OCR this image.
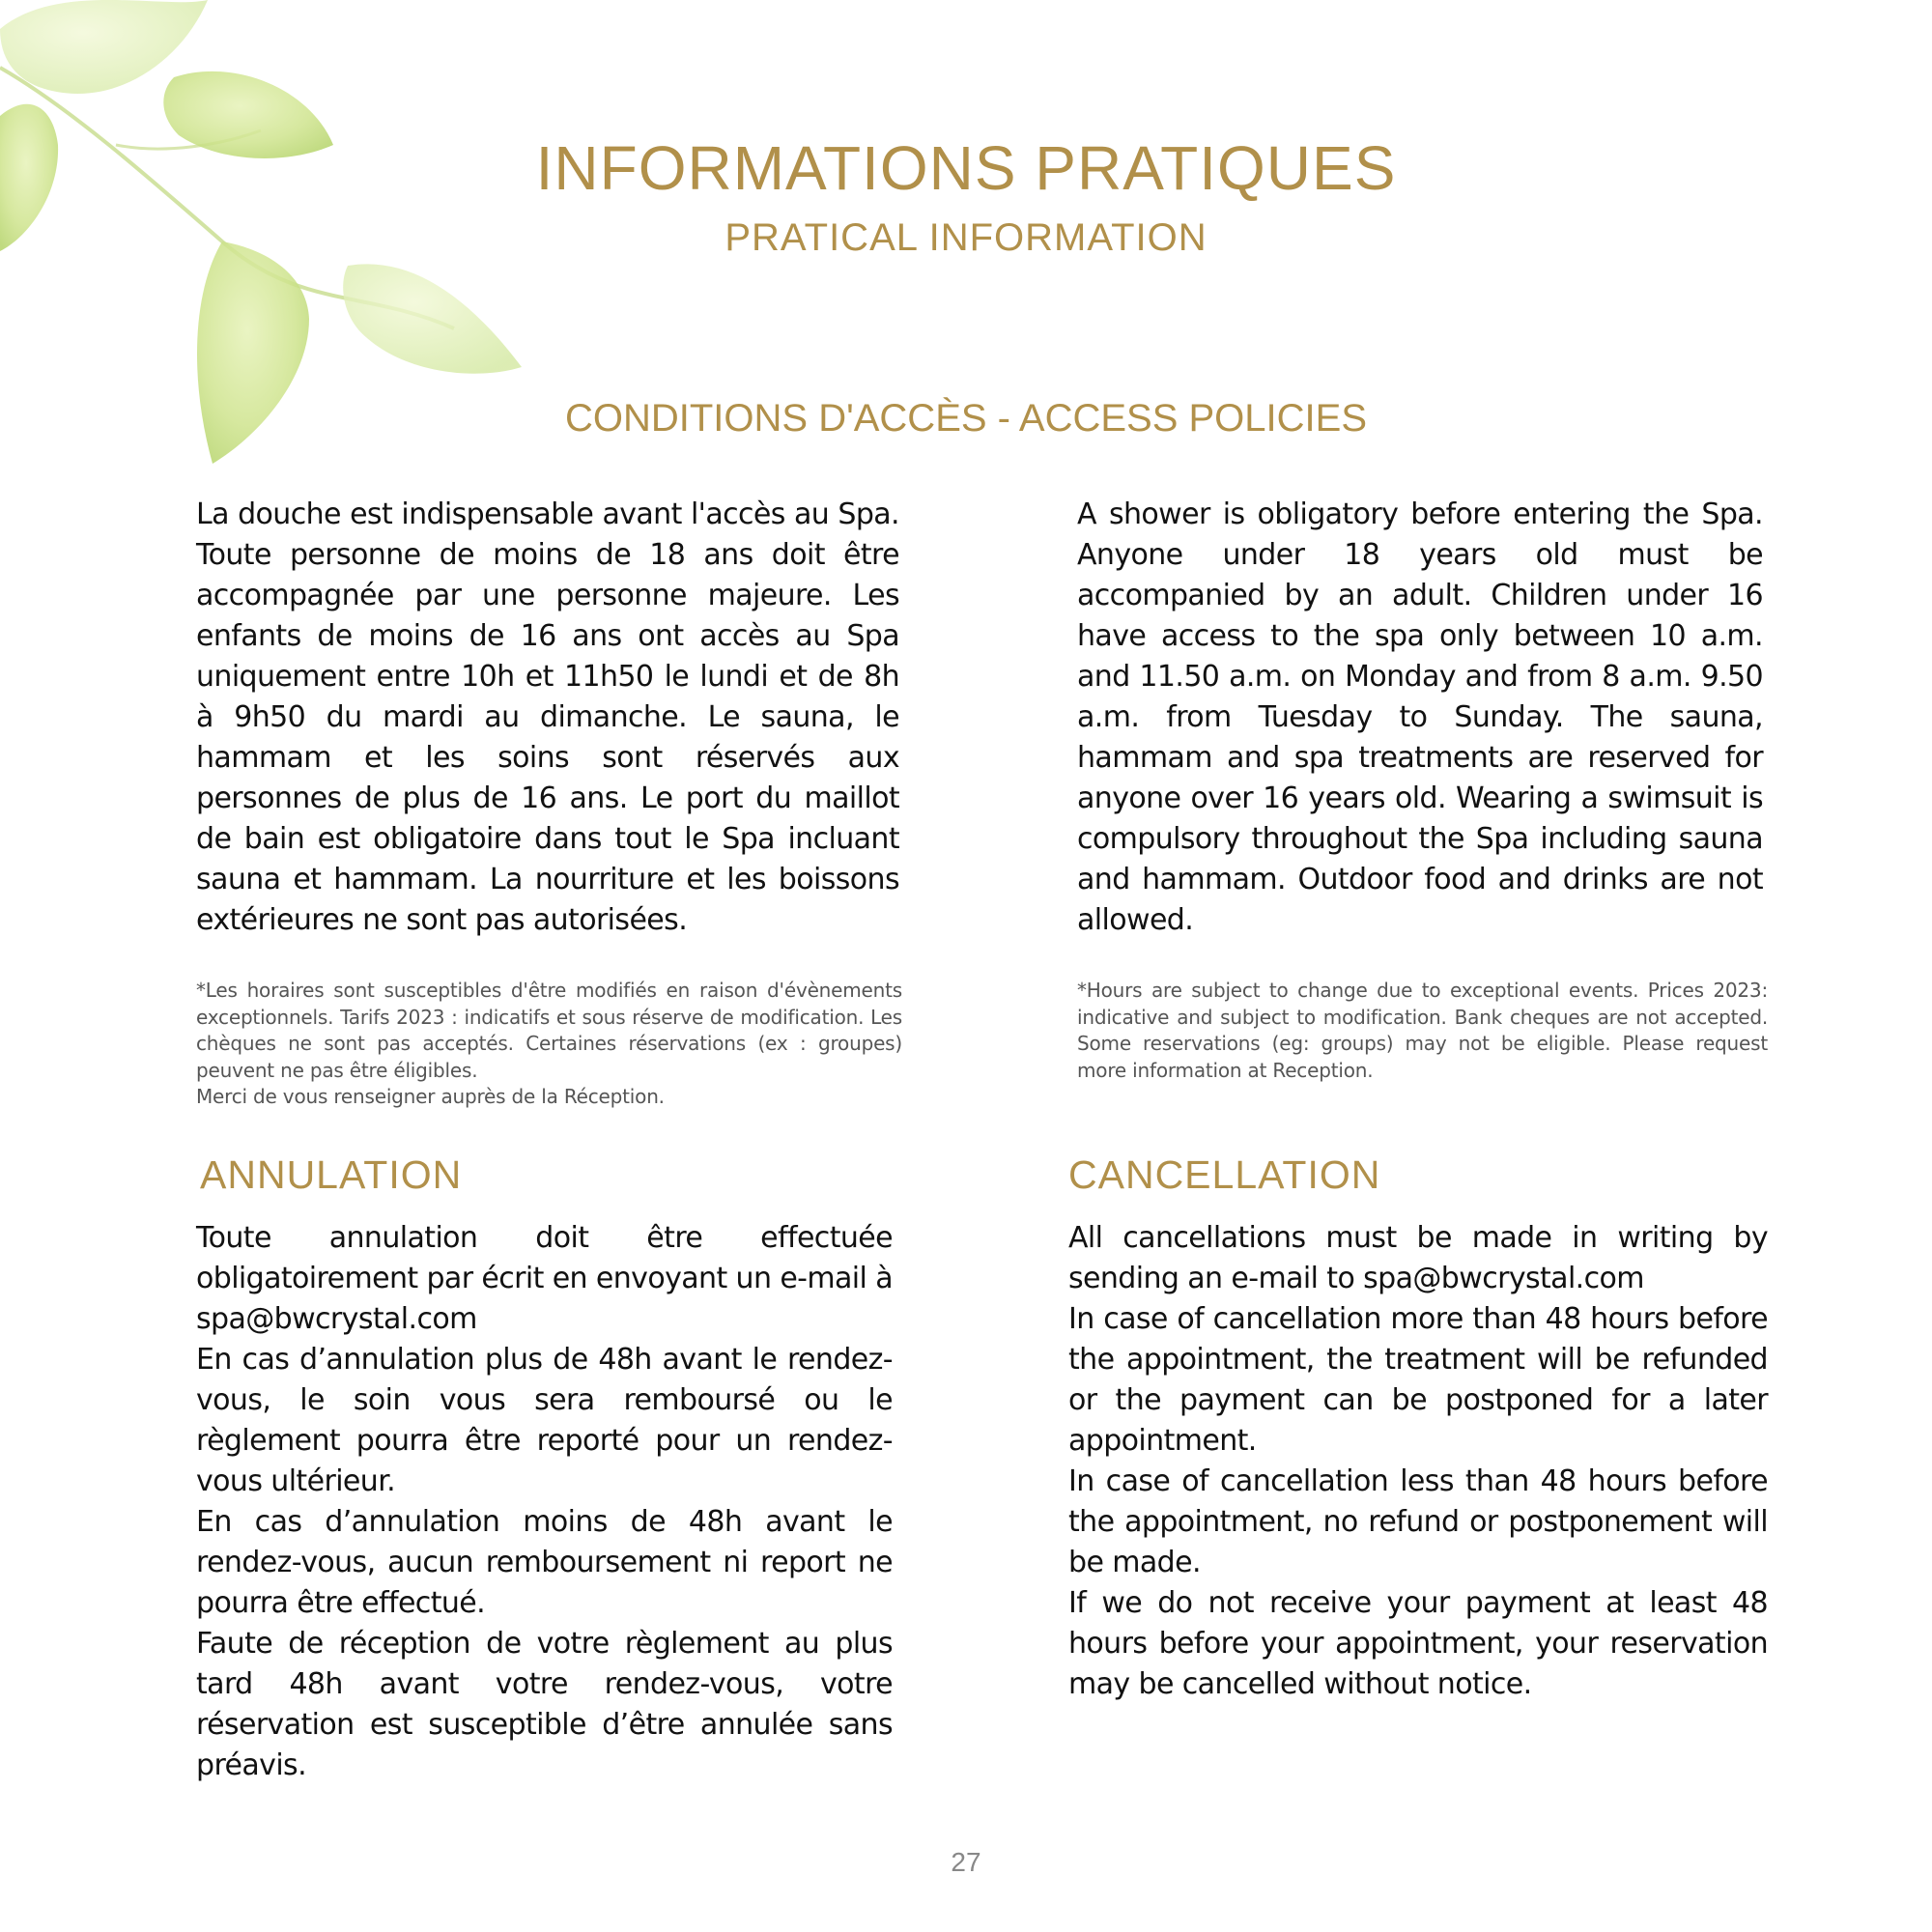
INFORMATIONS PRATIQUES
PRATICAL INFORMATION
CONDITIONS D'ACCÈS - ACCESS POLICIES

La douche est indispensable avant l'accès au Spa. Toute personne de moins de 18 ans doit être accompagnée par une personne majeure. Les enfants de moins de 16 ans ont accès au Spa uniquement entre 10h et 11h50 le lundi et de 8h à 9h50 du mardi au dimanche. Le sauna, le hammam et les soins sont réservés aux personnes de plus de 16 ans. Le port du maillot de bain est obligatoire dans tout le Spa incluant sauna et hammam. La nourriture et les boissons extérieures ne sont pas autorisées.

A shower is obligatory before entering the Spa. Anyone under 18 years old must be accompanied by an adult. Children under 16 have access to the spa only between 10 a.m. and 11.50 a.m. on Monday and from 8 a.m. 9.50 a.m. from Tuesday to Sunday. The sauna, hammam and spa treatments are reserved for anyone over 16 years old. Wearing a swimsuit is compulsory throughout the Spa including sauna and hammam. Outdoor food and drinks are not allowed.

*Les horaires sont susceptibles d'être modifiés en raison d'évènements exceptionnels. Tarifs 2023 : indicatifs et sous réserve de modification. Les chèques ne sont pas acceptés. Certaines réservations (ex : groupes) peuvent ne pas être éligibles.
Merci de vous renseigner auprès de la Réception.

*Hours are subject to change due to exceptional events. Prices 2023: indicative and subject to modification. Bank cheques are not accepted. Some reservations (eg: groups) may not be eligible. Please request more information at Reception.

ANNULATION	CANCELLATION
Toute annulation doit être effectuée obligatoirement par écrit en envoyant un e-mail à spa@bwcrystal.com
En cas d’annulation plus de 48h avant le rendez-vous, le soin vous sera remboursé ou le règlement pourra être reporté pour un rendez-vous ultérieur.
En cas d’annulation moins de 48h avant le rendez-vous, aucun remboursement ni report ne pourra être effectué.
Faute de réception de votre règlement au plus tard 48h avant votre rendez-vous, votre réservation est susceptible d’être annulée sans préavis.
All cancellations must be made in writing by sending an e-mail to spa@bwcrystal.com
In case of cancellation more than 48 hours before the appointment, the treatment will be refunded or the payment can be postponed for a later appointment.
In case of cancellation less than 48 hours before the appointment, no refund or postponement will be made.
If we do not receive your payment at least 48 hours before your appointment, your reservation may be cancelled without notice.
27
